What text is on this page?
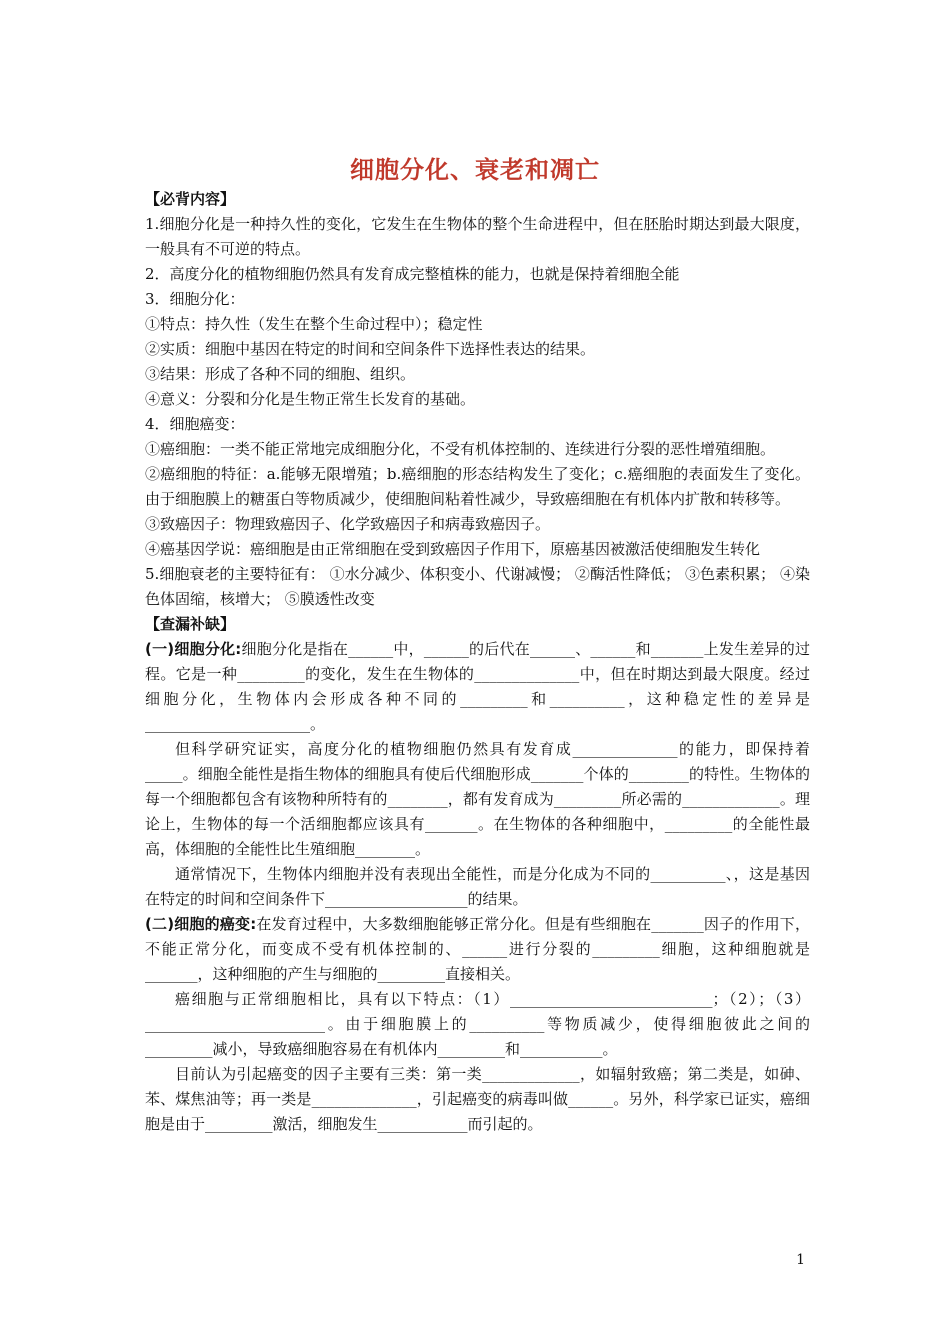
细胞分化、衰老和凋亡

【必背内容】

1.细胞分化是一种持久性的变化，它发生在生物体的整个生命进程中，但在胚胎时期达到最大限度，一般具有不可逆的特点。

2．高度分化的植物细胞仍然具有发育成完整植株的能力，也就是保持着细胞全能

3．细胞分化：

①特点：持久性（发生在整个生命过程中）；稳定性

②实质：细胞中基因在特定的时间和空间条件下选择性表达的结果。

③结果：形成了各种不同的细胞、组织。

④意义：分裂和分化是生物正常生长发育的基础。

4．细胞癌变：

①癌细胞：一类不能正常地完成细胞分化，不受有机体控制的、连续进行分裂的恶性增殖细胞。

②癌细胞的特征：a.能够无限增殖；b.癌细胞的形态结构发生了变化；c.癌细胞的表面发生了变化。由于细胞膜上的糖蛋白等物质减少，使细胞间粘着性减少，导致癌细胞在有机体内扩散和转移等。

③致癌因子：物理致癌因子、化学致癌因子和病毒致癌因子。

④癌基因学说：癌细胞是由正常细胞在受到致癌因子作用下，原癌基因被激活使细胞发生转化

5.细胞衰老的主要特征有： ①水分减少、体积变小、代谢减慢； ②酶活性降低； ③色素积累； ④染色体固缩，核增大； ⑤膜透性改变

【查漏补缺】

(一)细胞分化:细胞分化是指在______中，______的后代在______、______和_______上发生差异的过程。它是一种_________的变化，发生在生物体的______________中，但在时期达到最大限度。经过细胞分化，生物体内会形成各种不同的_________和__________，这种稳定性的差异是______________________。

但科学研究证实，高度分化的植物细胞仍然具有发育成______________的能力，即保持着_____。细胞全能性是指生物体的细胞具有使后代细胞形成_______个体的________的特性。生物体的每一个细胞都包含有该物种所特有的________，都有发育成为_________所必需的_____________。理论上，生物体的每一个活细胞都应该具有_______。在生物体的各种细胞中，_________的全能性最高，体细胞的全能性比生殖细胞________。

通常情况下，生物体内细胞并没有表现出全能性，而是分化成为不同的__________、，这是基因在特定的时间和空间条件下___________________的结果。

(二)细胞的癌变:在发育过程中，大多数细胞能够正常分化。但是有些细胞在_______因子的作用下，不能正常分化，而变成不受有机体控制的、______进行分裂的_________细胞，这种细胞就是_______，这种细胞的产生与细胞的_________直接相关。

癌细胞与正常细胞相比，具有以下特点：（1）___________________________；（2）；（3）________________________。由于细胞膜上的__________等物质减少，使得细胞彼此之间的_________减小，导致癌细胞容易在有机体内_________和___________。

目前认为引起癌变的因子主要有三类：第一类_____________，如辐射致癌；第二类是，如砷、苯、煤焦油等；再一类是______________，引起癌变的病毒叫做______。另外，科学家已证实，癌细胞是由于_________激活，细胞发生____________而引起的。

1
